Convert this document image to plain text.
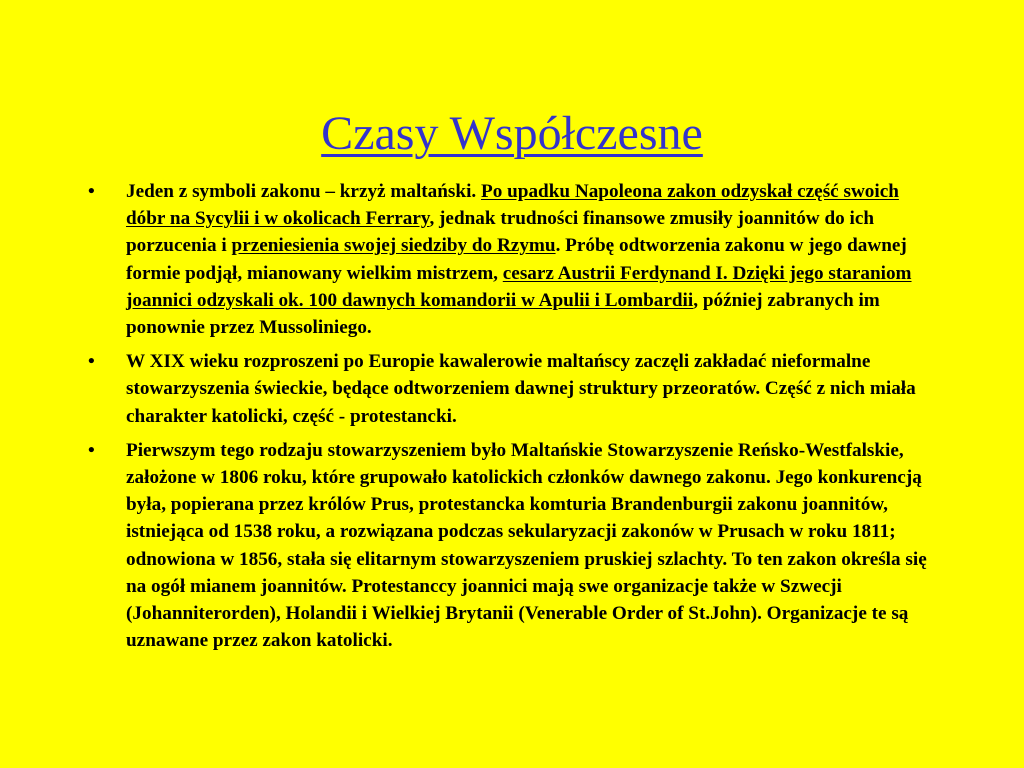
Czasy Współczesne
• Jeden z symboli zakonu – krzyż maltański. Po upadku Napoleona zakon odzyskał część swoich dóbr na Sycylii i w okolicach Ferrary, jednak trudności finansowe zmusiły joannitów do ich porzucenia i przeniesienia swojej siedziby do Rzymu. Próbę odtworzenia zakonu w jego dawnej formie podjął, mianowany wielkim mistrzem, cesarz Austrii Ferdynand I. Dzięki jego staraniom joannici odzyskali ok. 100 dawnych komandorii w Apulii i Lombardii, później zabranych im ponownie przez Mussoliniego.
• W XIX wieku rozproszeni po Europie kawalerowie maltańscy zaczęli zakładać nieformalne stowarzyszenia świeckie, będące odtworzeniem dawnej struktury przeoratów. Część z nich miała charakter katolicki, część - protestancki.
• Pierwszym tego rodzaju stowarzyszeniem było Maltańskie Stowarzyszenie Reńsko-Westfalskie, założone w 1806 roku, które grupowało katolickich członków dawnego zakonu. Jego konkurencją była, popierana przez królów Prus, protestancka komturia Brandenburgii zakonu joannitów, istniejąca od 1538 roku, a rozwiązana podczas sekularyzacji zakonów w Prusach w roku 1811; odnowiona w 1856, stała się elitarnym stowarzyszeniem pruskiej szlachty. To ten zakon określa się na ogół mianem joannitów. Protestanccy joannici mają swe organizacje także w Szwecji (Johanniterorden), Holandii i Wielkiej Brytanii (Venerable Order of St.John). Organizacje te są uznawane przez zakon katolicki.
